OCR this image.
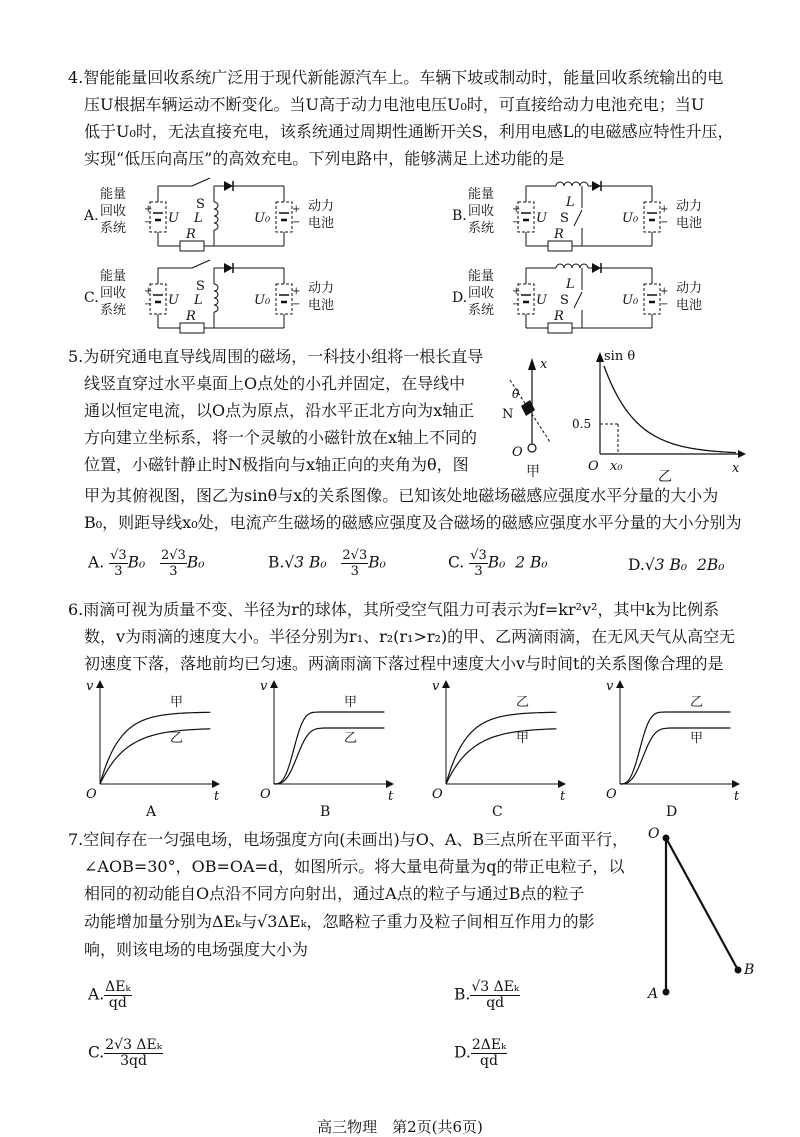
4.智能能量回收系统广泛用于现代新能源汽车上。车辆下坡或制动时，能量回收系统输出的电
压U根据车辆运动不断变化。当U高于动力电池电压U₀时，可直接给动力电池充电；当U
低于U₀时，无法直接充电，该系统通过周期性通断开关S，利用电感L的电磁感应特性升压，
实现“低压向高压”的高效充电。下列电路中，能够满足上述功能的是
A.
能量
回收
系统
+
− U
R
+
−
U₀
动力
电池
S
L	B.
能量
回收
系统
+
− U
R
+
−
U₀
动力
电池
L
S
C.
能量
回收
系统
+
− U
R
+
−
U₀
动力
电池
S
L	D.
能量
回收
系统
+
− U
R
+
−
U₀
动力
电池
L
S
5.为研究通电直导线周围的磁场，一科技小组将一根长直导
线竖直穿过水平桌面上O点处的小孔并固定，在导线中
通以恒定电流，以O点为原点，沿水平正北方向为x轴正
方向建立坐标系，将一个灵敏的小磁针放在x轴上不同的
位置，小磁针静止时N极指向与x轴正向的夹角为θ，图
甲为其俯视图，图乙为sinθ与x的关系图像。已知该处地磁场磁感应强度水平分量的大小为
B₀，则距导线x₀处，电流产生磁场的磁感应强度及合磁场的磁感应强度水平分量的大小分别为
x
θ
N
O
甲
sin θ
0.5
O x₀	x
乙
A. $\frac{√3}{3} B_0 \frac{2√3}{3} B_0$	B.√3 $B_0 \frac{2√3}{3} B_0$	C. $\frac{√3}{3} B_0$ 2 B₀	D.√3 B₀ 2B₀
6.雨滴可视为质量不变、半径为r的球体，其所受空气阻力可表示为f=kr²v²，其中k为比例系
数，v为雨滴的速度大小。半径分别为r₁、r₂(r₁>r₂)的甲、乙两滴雨滴，在无风天气从高空无
初速度下落，落地前均已匀速。两滴雨滴下落过程中速度大小v与时间t的关系图像合理的是
v
t
O
A
甲
乙
v
t
O
B
甲
乙
v
t
O
C
乙
甲
v
t
O
D
乙
甲
7.空间存在一匀强电场，电场强度方向(未画出)与O、A、B三点所在平面平行，
∠AOB=30°，OB=OA=d，如图所示。将大量电荷量为q的带正电粒子，以
相同的初动能自O点沿不同方向射出，通过A点的粒子与通过B点的粒子
动能增加量分别为ΔEₖ与√3ΔEₖ，忽略粒子重力及粒子间相互作用力的影
响，则该电场的电场强度大小为
O
A
B
A. $\frac{\text{ΔEₖ}}{qd}$	B. $\frac{\text{√3 ΔEₖ}}{qd}$
C. $\frac{\text{2√3 ΔEₖ}}{3qd}$	D. $\frac{\text{2ΔEₖ}}{qd}$
高三物理　第2页(共6页)
